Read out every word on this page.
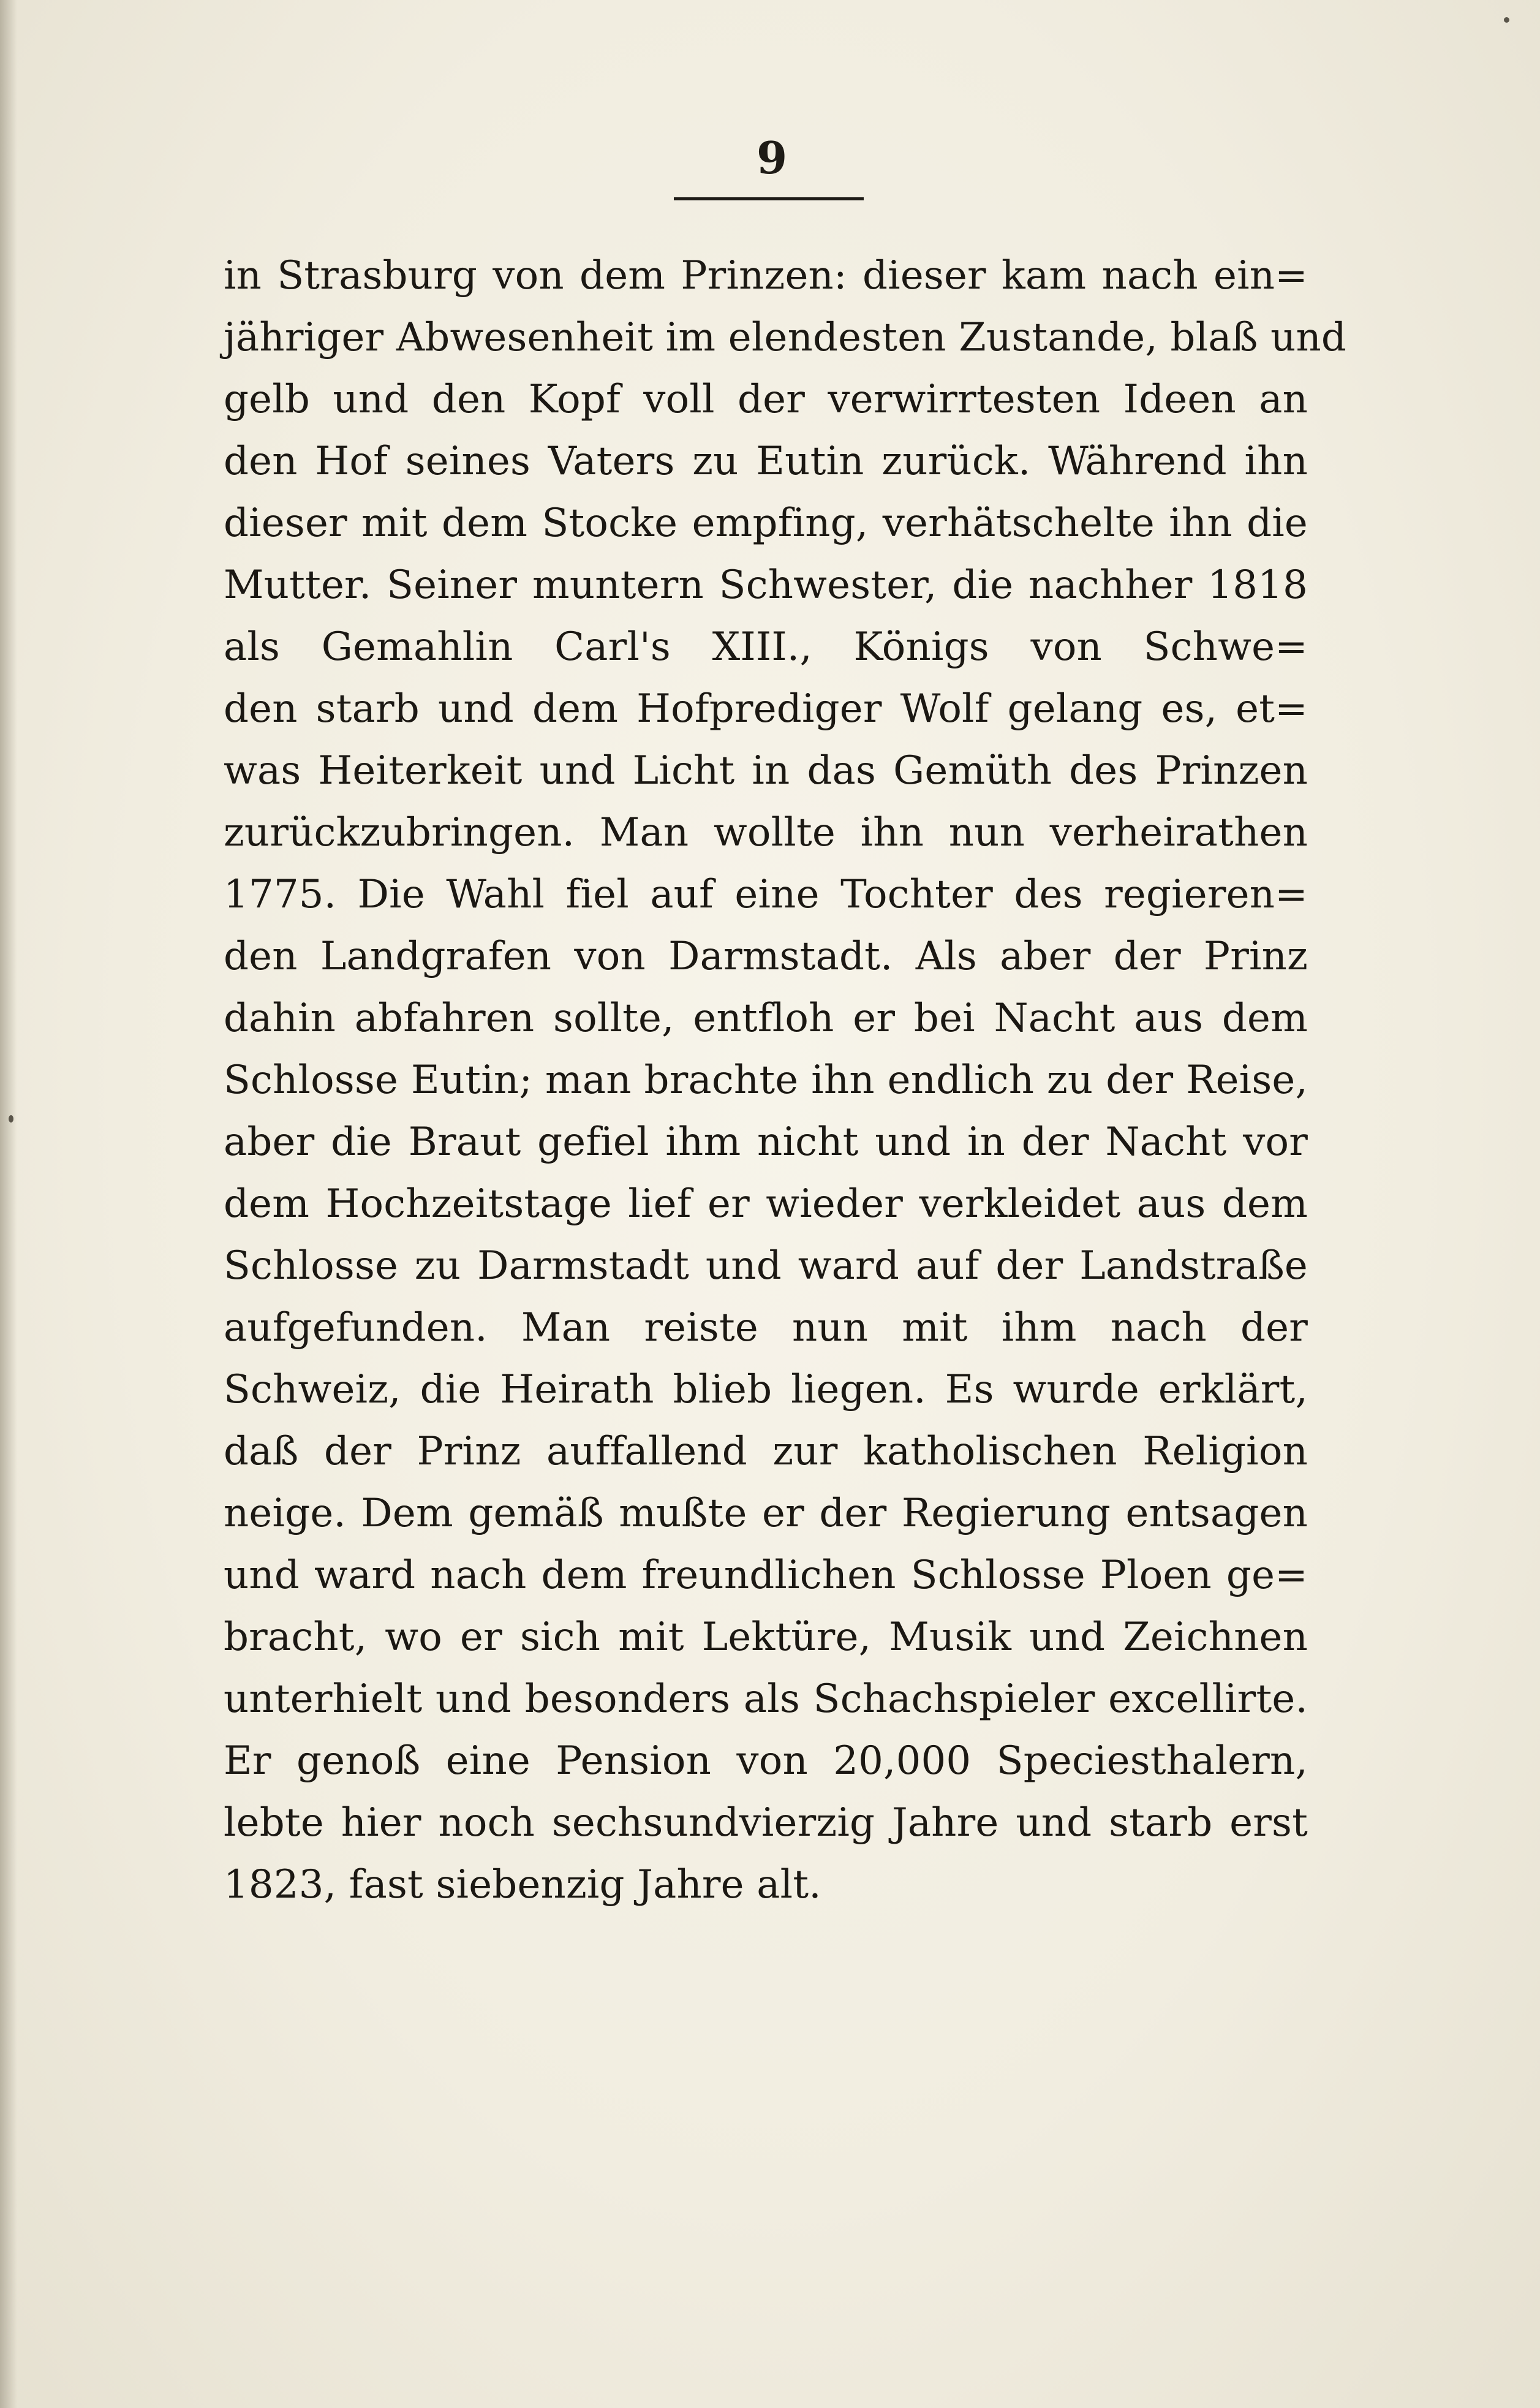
9
in Strasburg von dem Prinzen: dieser kam nach ein=
jähriger Abwesenheit im elendesten Zustande, blaß und
gelb und den Kopf voll der verwirrtesten Ideen an
den Hof seines Vaters zu Eutin zurück. Während ihn
dieser mit dem Stocke empfing, verhätschelte ihn die
Mutter. Seiner muntern Schwester, die nachher 1818
als Gemahlin Carl's XIII., Königs von Schwe=
den starb und dem Hofprediger Wolf gelang es, et=
was Heiterkeit und Licht in das Gemüth des Prinzen
zurückzubringen. Man wollte ihn nun verheirathen
1775. Die Wahl fiel auf eine Tochter des regieren=
den Landgrafen von Darmstadt. Als aber der Prinz
dahin abfahren sollte, entfloh er bei Nacht aus dem
Schlosse Eutin; man brachte ihn endlich zu der Reise,
aber die Braut gefiel ihm nicht und in der Nacht vor
dem Hochzeitstage lief er wieder verkleidet aus dem
Schlosse zu Darmstadt und ward auf der Landstraße
aufgefunden. Man reiste nun mit ihm nach der
Schweiz, die Heirath blieb liegen. Es wurde erklärt,
daß der Prinz auffallend zur katholischen Religion
neige. Dem gemäß mußte er der Regierung entsagen
und ward nach dem freundlichen Schlosse Ploen ge=
bracht, wo er sich mit Lektüre, Musik und Zeichnen
unterhielt und besonders als Schachspieler excellirte.
Er genoß eine Pension von 20,000 Speciesthalern,
lebte hier noch sechsundvierzig Jahre und starb erst
1823, fast siebenzig Jahre alt.
